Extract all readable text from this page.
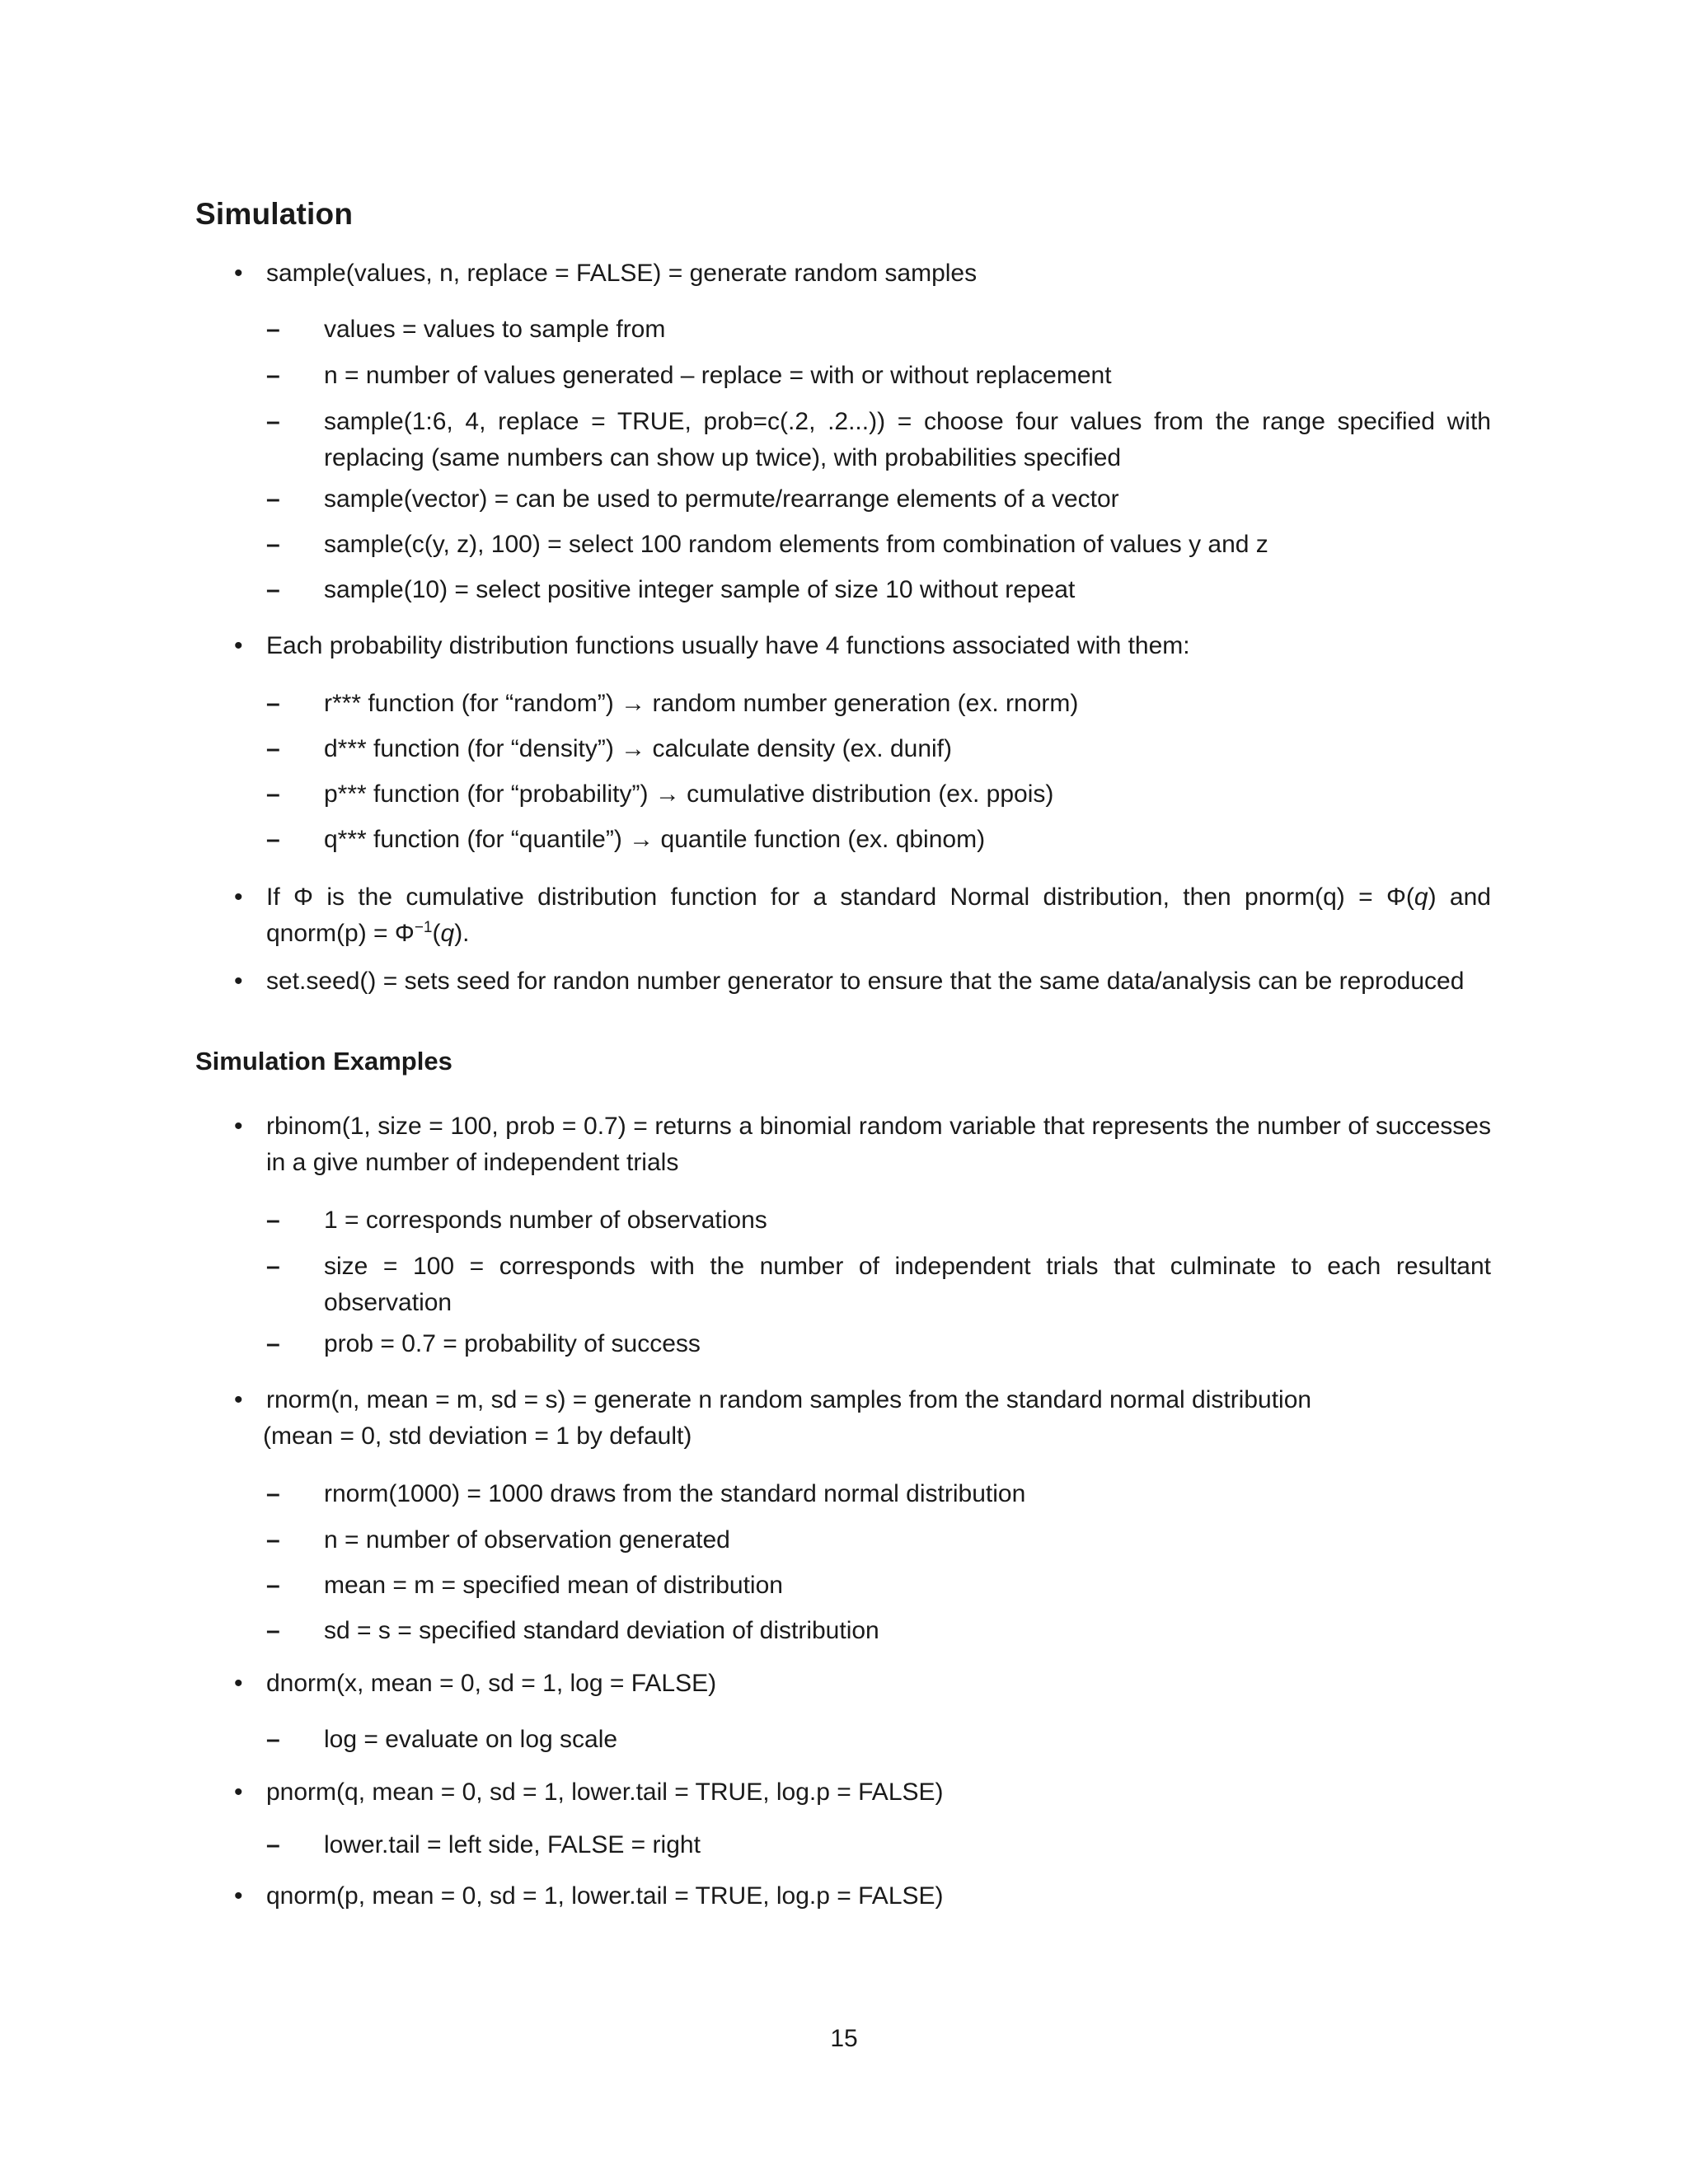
Simulation
• sample(values, n, replace = FALSE) = generate random samples
– values = values to sample from
– n = number of values generated – replace = with or without replacement
– sample(1:6, 4, replace = TRUE, prob=c(.2, .2...)) = choose four values from the range specified with replacing (same numbers can show up twice), with probabilities specified
– sample(vector) = can be used to permute/rearrange elements of a vector
– sample(c(y, z), 100) = select 100 random elements from combination of values y and z
– sample(10) = select positive integer sample of size 10 without repeat
• Each probability distribution functions usually have 4 functions associated with them:
– r*** function (for “random”) → random number generation (ex. rnorm)
– d*** function (for “density”) → calculate density (ex. dunif)
– p*** function (for “probability”) → cumulative distribution (ex. ppois)
– q*** function (for “quantile”) → quantile function (ex. qbinom)
• If Φ is the cumulative distribution function for a standard Normal distribution, then pnorm(q) = Φ(q) and qnorm(p) = $\Phi^{-1}(q)$.
• set.seed() = sets seed for randon number generator to ensure that the same data/analysis can be reproduced
Simulation Examples
• rbinom(1, size = 100, prob = 0.7) = returns a binomial random variable that represents the number of successes in a give number of independent trials
– 1 = corresponds number of observations
– size = 100 = corresponds with the number of independent trials that culminate to each resultant observation
– prob = 0.7 = probability of success
• rnorm(n, mean = m, sd = s) = generate n random samples from the standard normal distribution
(mean = 0, std deviation = 1 by default)
– rnorm(1000) = 1000 draws from the standard normal distribution
– n = number of observation generated
– mean = m = specified mean of distribution
– sd = s = specified standard deviation of distribution
• dnorm(x, mean = 0, sd = 1, log = FALSE)
– log = evaluate on log scale
• pnorm(q, mean = 0, sd = 1, lower.tail = TRUE, log.p = FALSE)
– lower.tail = left side, FALSE = right
• qnorm(p, mean = 0, sd = 1, lower.tail = TRUE, log.p = FALSE)
15
